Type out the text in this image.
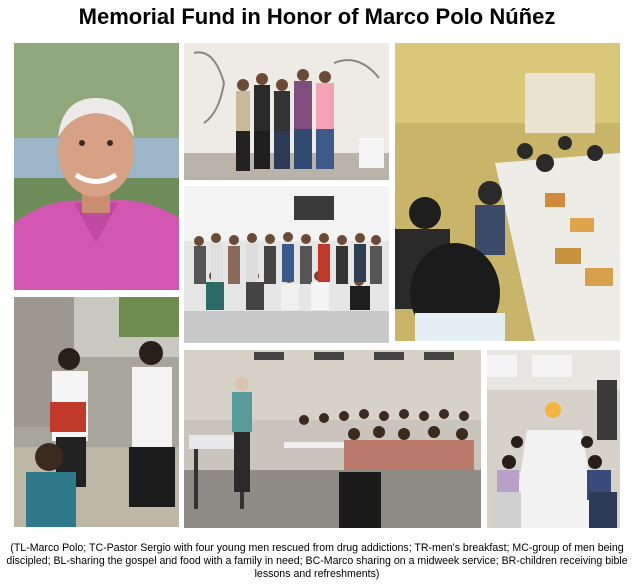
Memorial Fund in Honor of Marco Polo Núñez
(TL-Marco Polo; TC-Pastor Sergio with four young men rescued from drug addictions; TR-men's breakfast; MC-group of men being discipled; BL-sharing the gospel and food with a family in need; BC-Marco sharing on a midweek service; BR-children receiving bible lessons and refreshments)
